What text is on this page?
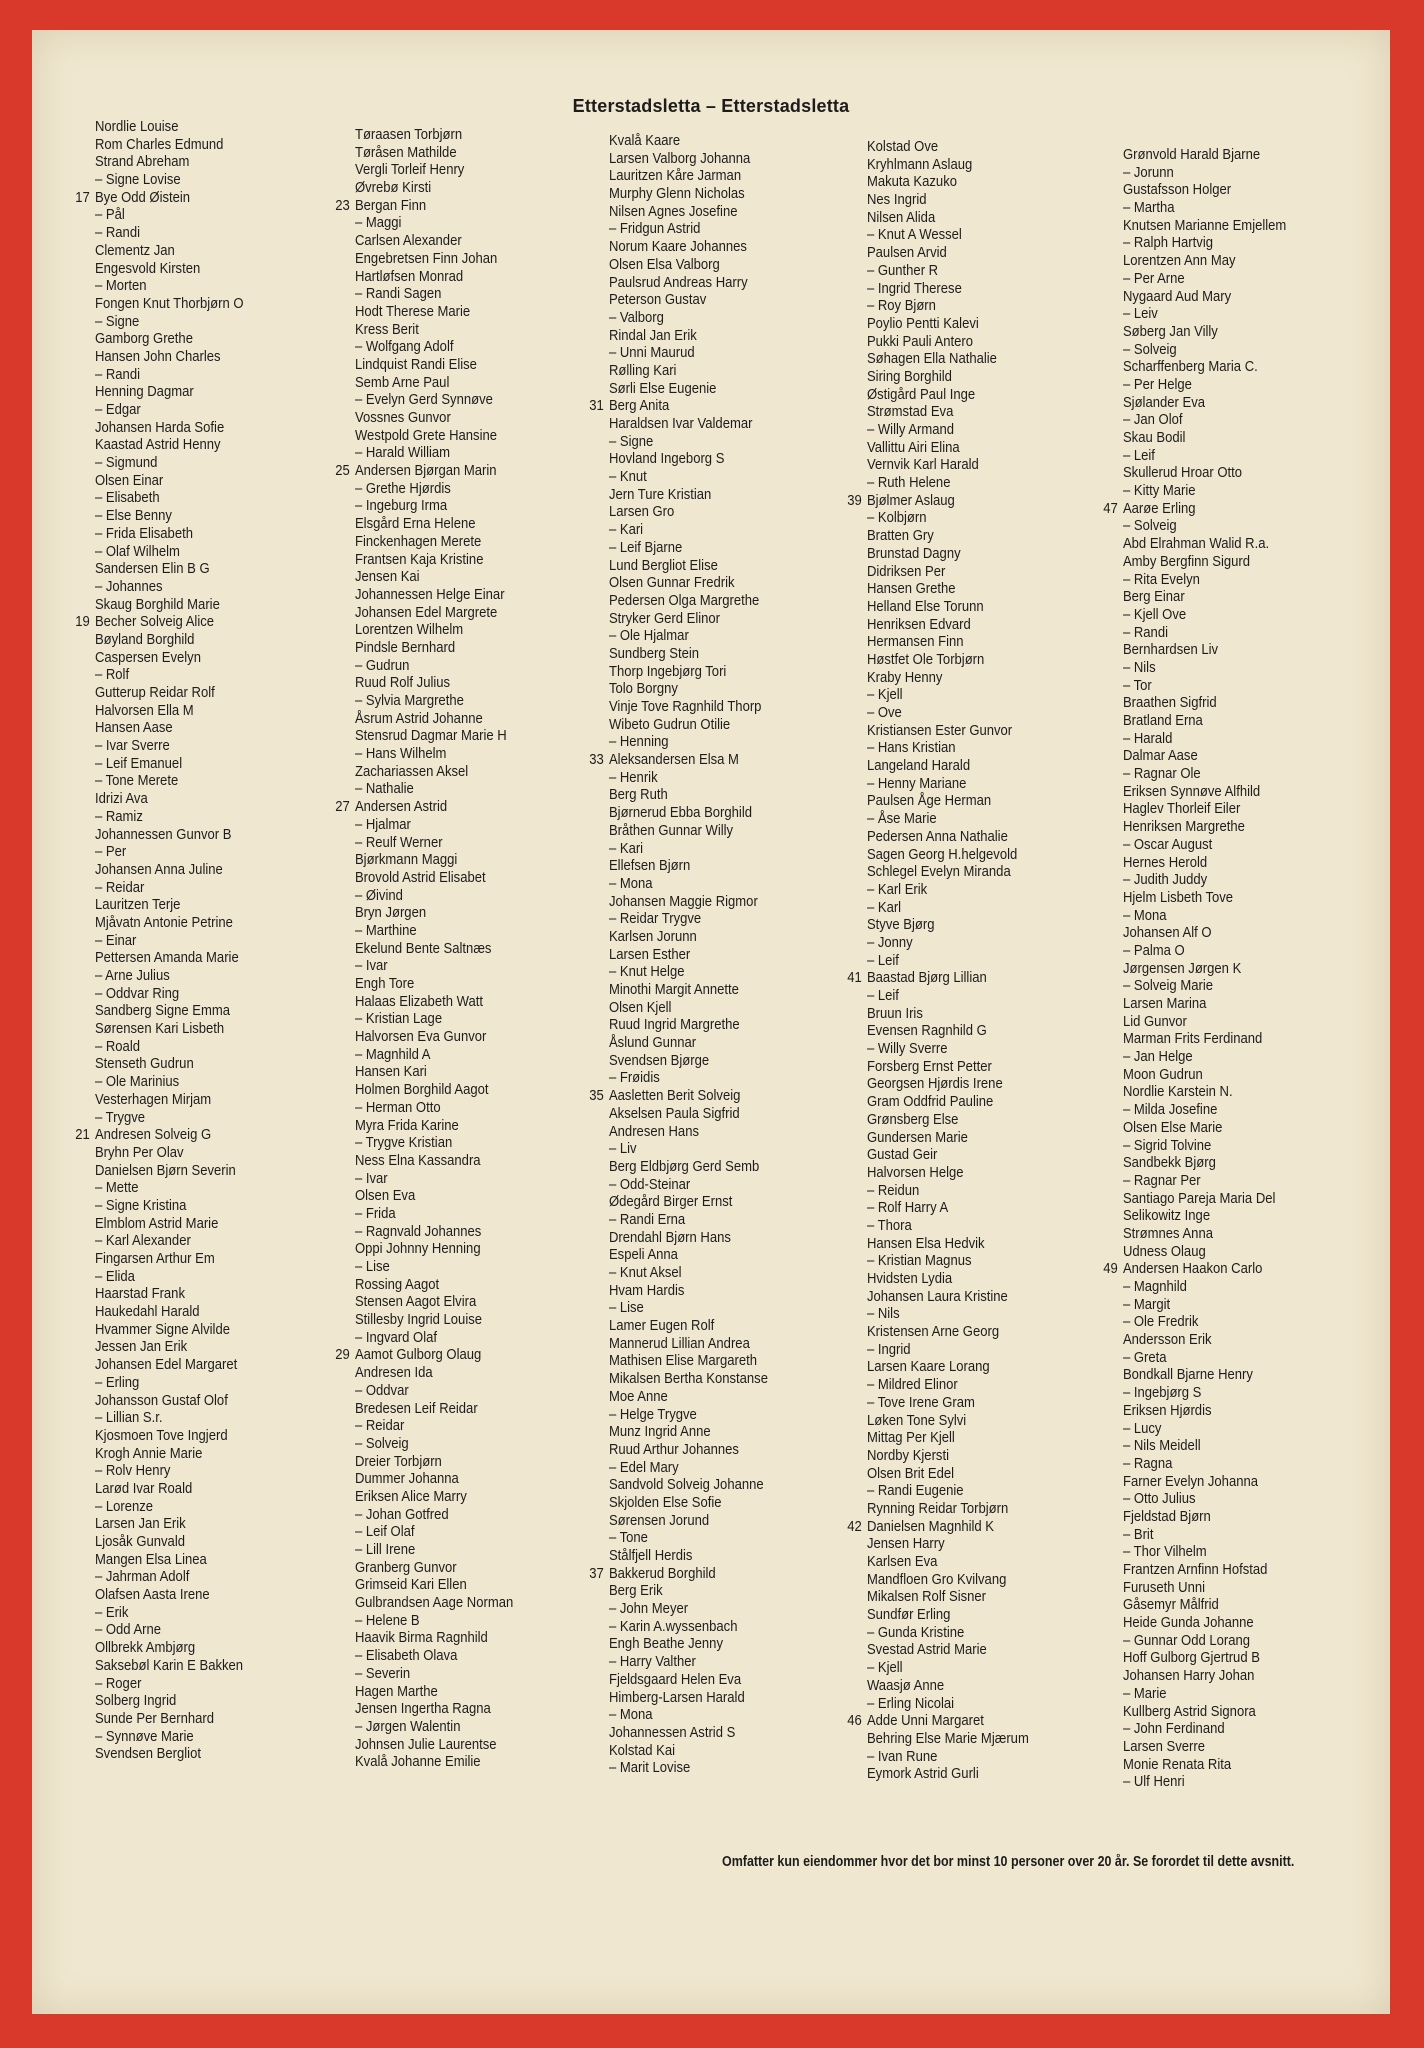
Etterstadsletta – Etterstadsletta
Nordlie Louise
Rom Charles Edmund
Strand Abreham
– Signe Lovise
17 Bye Odd Øistein
– Pål
– Randi
Clementz Jan
Engesvold Kirsten
– Morten
Fongen Knut Thorbjørn O
– Signe
Gamborg Grethe
Hansen John Charles
– Randi
Henning Dagmar
– Edgar
Johansen Harda Sofie
Kaastad Astrid Henny
– Sigmund
Olsen Einar
– Elisabeth
– Else Benny
– Frida Elisabeth
– Olaf Wilhelm
Sandersen Elin B G
– Johannes
Skaug Borghild Marie
19 Becher Solveig Alice
Bøyland Borghild
Caspersen Evelyn
– Rolf
Gutterup Reidar Rolf
Halvorsen Ella M
Hansen Aase
– Ivar Sverre
– Leif Emanuel
– Tone Merete
Idrizi Ava
– Ramiz
Johannessen Gunvor B
– Per
Johansen Anna Juline
– Reidar
Lauritzen Terje
Mjåvatn Antonie Petrine
– Einar
Pettersen Amanda Marie
– Arne Julius
– Oddvar Ring
Sandberg Signe Emma
Sørensen Kari Lisbeth
– Roald
Stenseth Gudrun
– Ole Marinius
Vesterhagen Mirjam
– Trygve
21 Andresen Solveig G
Bryhn Per Olav
Danielsen Bjørn Severin
– Mette
– Signe Kristina
Elmblom Astrid Marie
– Karl Alexander
Fingarsen Arthur Em
– Elida
Haarstad Frank
Haukedahl Harald
Hvammer Signe Alvilde
Jessen Jan Erik
Johansen Edel Margaret
– Erling
Johansson Gustaf Olof
– Lillian S.r.
Kjosmoen Tove Ingjerd
Krogh Annie Marie
– Rolv Henry
Larød Ivar Roald
– Lorenze
Larsen Jan Erik
Ljosåk Gunvald
Mangen Elsa Linea
– Jahrman Adolf
Olafsen Aasta Irene
– Erik
– Odd Arne
Ollbrekk Ambjørg
Saksebøl Karin E Bakken
– Roger
Solberg Ingrid
Sunde Per Bernhard
– Synnøve Marie
Svendsen Bergliot
Tøraasen Torbjørn
Tøråsen Mathilde
Vergli Torleif Henry
Øvrebø Kirsti
23 Bergan Finn
– Maggi
Carlsen Alexander
Engebretsen Finn Johan
Hartløfsen Monrad
– Randi Sagen
Hodt Therese Marie
Kress Berit
– Wolfgang Adolf
Lindquist Randi Elise
Semb Arne Paul
– Evelyn Gerd Synnøve
Vossnes Gunvor
Westpold Grete Hansine
– Harald William
25 Andersen Bjørgan Marin
– Grethe Hjørdis
– Ingeburg Irma
Elsgård Erna Helene
Finckenhagen Merete
Frantsen Kaja Kristine
Jensen Kai
Johannessen Helge Einar
Johansen Edel Margrete
Lorentzen Wilhelm
Pindsle Bernhard
– Gudrun
Ruud Rolf Julius
– Sylvia Margrethe
Åsrum Astrid Johanne
Stensrud Dagmar Marie H
– Hans Wilhelm
Zachariassen Aksel
– Nathalie
27 Andersen Astrid
– Hjalmar
– Reulf Werner
Bjørkmann Maggi
Brovold Astrid Elisabet
– Øivind
Bryn Jørgen
– Marthine
Ekelund Bente Saltnæs
– Ivar
Engh Tore
Halaas Elizabeth Watt
– Kristian Lage
Halvorsen Eva Gunvor
– Magnhild A
Hansen Kari
Holmen Borghild Aagot
– Herman Otto
Myra Frida Karine
– Trygve Kristian
Ness Elna Kassandra
– Ivar
Olsen Eva
– Frida
– Ragnvald Johannes
Oppi Johnny Henning
– Lise
Rossing Aagot
Stensen Aagot Elvira
Stillesby Ingrid Louise
– Ingvard Olaf
29 Aamot Gulborg Olaug
Andresen Ida
– Oddvar
Bredesen Leif Reidar
– Reidar
– Solveig
Dreier Torbjørn
Dummer Johanna
Eriksen Alice Marry
– Johan Gotfred
– Leif Olaf
– Lill Irene
Granberg Gunvor
Grimseid Kari Ellen
Gulbrandsen Aage Norman
– Helene B
Haavik Birma Ragnhild
– Elisabeth Olava
– Severin
Hagen Marthe
Jensen Ingertha Ragna
– Jørgen Walentin
Johnsen Julie Laurentse
Kvalå Johanne Emilie
Kvalå Kaare
Larsen Valborg Johanna
Lauritzen Kåre Jarman
Murphy Glenn Nicholas
Nilsen Agnes Josefine
– Fridgun Astrid
Norum Kaare Johannes
Olsen Elsa Valborg
Paulsrud Andreas Harry
Peterson Gustav
– Valborg
Rindal Jan Erik
– Unni Maurud
Rølling Kari
Sørli Else Eugenie
31 Berg Anita
Haraldsen Ivar Valdemar
– Signe
Hovland Ingeborg S
– Knut
Jern Ture Kristian
Larsen Gro
– Kari
– Leif Bjarne
Lund Bergliot Elise
Olsen Gunnar Fredrik
Pedersen Olga Margrethe
Stryker Gerd Elinor
– Ole Hjalmar
Sundberg Stein
Thorp Ingebjørg Tori
Tolo Borgny
Vinje Tove Ragnhild Thorp
Wibeto Gudrun Otilie
– Henning
33 Aleksandersen Elsa M
– Henrik
Berg Ruth
Bjørnerud Ebba Borghild
Bråthen Gunnar Willy
– Kari
Ellefsen Bjørn
– Mona
Johansen Maggie Rigmor
– Reidar Trygve
Karlsen Jorunn
Larsen Esther
– Knut Helge
Minothi Margit Annette
Olsen Kjell
Ruud Ingrid Margrethe
Åslund Gunnar
Svendsen Bjørge
– Frøidis
35 Aasletten Berit Solveig
Akselsen Paula Sigfrid
Andresen Hans
– Liv
Berg Eldbjørg Gerd Semb
– Odd-Steinar
Ødegård Birger Ernst
– Randi Erna
Drendahl Bjørn Hans
Espeli Anna
– Knut Aksel
Hvam Hardis
– Lise
Lamer Eugen Rolf
Mannerud Lillian Andrea
Mathisen Elise Margareth
Mikalsen Bertha Konstanse
Moe Anne
– Helge Trygve
Munz Ingrid Anne
Ruud Arthur Johannes
– Edel Mary
Sandvold Solveig Johanne
Skjolden Else Sofie
Sørensen Jorund
– Tone
Stålfjell Herdis
37 Bakkerud Borghild
Berg Erik
– John Meyer
– Karin A.wyssenbach
Engh Beathe Jenny
– Harry Valther
Fjeldsgaard Helen Eva
Himberg-Larsen Harald
– Mona
Johannessen Astrid S
Kolstad Kai
– Marit Lovise
Kolstad Ove
Kryhlmann Aslaug
Makuta Kazuko
Nes Ingrid
Nilsen Alida
– Knut A Wessel
Paulsen Arvid
– Gunther R
– Ingrid Therese
– Roy Bjørn
Poylio Pentti Kalevi
Pukki Pauli Antero
Søhagen Ella Nathalie
Siring Borghild
Østigård Paul Inge
Strømstad Eva
– Willy Armand
Vallittu Airi Elina
Vernvik Karl Harald
– Ruth Helene
39 Bjølmer Aslaug
– Kolbjørn
Bratten Gry
Brunstad Dagny
Didriksen Per
Hansen Grethe
Helland Else Torunn
Henriksen Edvard
Hermansen Finn
Høstfet Ole Torbjørn
Kraby Henny
– Kjell
– Ove
Kristiansen Ester Gunvor
– Hans Kristian
Langeland Harald
– Henny Mariane
Paulsen Åge Herman
– Åse Marie
Pedersen Anna Nathalie
Sagen Georg H.helgevold
Schlegel Evelyn Miranda
– Karl Erik
– Karl
Styve Bjørg
– Jonny
– Leif
41 Baastad Bjørg Lillian
– Leif
Bruun Iris
Evensen Ragnhild G
– Willy Sverre
Forsberg Ernst Petter
Georgsen Hjørdis Irene
Gram Oddfrid Pauline
Grønsberg Else
Gundersen Marie
Gustad Geir
Halvorsen Helge
– Reidun
– Rolf Harry A
– Thora
Hansen Elsa Hedvik
– Kristian Magnus
Hvidsten Lydia
Johansen Laura Kristine
– Nils
Kristensen Arne Georg
– Ingrid
Larsen Kaare Lorang
– Mildred Elinor
– Tove Irene Gram
Løken Tone Sylvi
Mittag Per Kjell
Nordby Kjersti
Olsen Brit Edel
– Randi Eugenie
Rynning Reidar Torbjørn
42 Danielsen Magnhild K
Jensen Harry
Karlsen Eva
Mandfloen Gro Kvilvang
Mikalsen Rolf Sisner
Sundfør Erling
– Gunda Kristine
Svestad Astrid Marie
– Kjell
Waasjø Anne
– Erling Nicolai
46 Adde Unni Margaret
Behring Else Marie Mjærum
– Ivan Rune
Eymork Astrid Gurli
Grønvold Harald Bjarne
– Jorunn
Gustafsson Holger
– Martha
Knutsen Marianne Emjellem
– Ralph Hartvig
Lorentzen Ann May
– Per Arne
Nygaard Aud Mary
– Leiv
Søberg Jan Villy
– Solveig
Scharffenberg Maria C.
– Per Helge
Sjølander Eva
– Jan Olof
Skau Bodil
– Leif
Skullerud Hroar Otto
– Kitty Marie
47 Aarøe Erling
– Solveig
Abd Elrahman Walid R.a.
Amby Bergfinn Sigurd
– Rita Evelyn
Berg Einar
– Kjell Ove
– Randi
Bernhardsen Liv
– Nils
– Tor
Braathen Sigfrid
Bratland Erna
– Harald
Dalmar Aase
– Ragnar Ole
Eriksen Synnøve Alfhild
Haglev Thorleif Eiler
Henriksen Margrethe
– Oscar August
Hernes Herold
– Judith Juddy
Hjelm Lisbeth Tove
– Mona
Johansen Alf O
– Palma O
Jørgensen Jørgen K
– Solveig Marie
Larsen Marina
Lid Gunvor
Marman Frits Ferdinand
– Jan Helge
Moon Gudrun
Nordlie Karstein N.
– Milda Josefine
Olsen Else Marie
– Sigrid Tolvine
Sandbekk Bjørg
– Ragnar Per
Santiago Pareja Maria Del
Selikowitz Inge
Strømnes Anna
Udness Olaug
49 Andersen Haakon Carlo
– Magnhild
– Margit
– Ole Fredrik
Andersson Erik
– Greta
Bondkall Bjarne Henry
– Ingebjørg S
Eriksen Hjørdis
– Lucy
– Nils Meidell
– Ragna
Farner Evelyn Johanna
– Otto Julius
Fjeldstad Bjørn
– Brit
– Thor Vilhelm
Frantzen Arnfinn Hofstad
Furuseth Unni
Gåsemyr Målfrid
Heide Gunda Johanne
– Gunnar Odd Lorang
Hoff Gulborg Gjertrud B
Johansen Harry Johan
– Marie
Kullberg Astrid Signora
– John Ferdinand
Larsen Sverre
Monie Renata Rita
– Ulf Henri
Omfatter kun eiendommer hvor det bor minst 10 personer over 20 år. Se forordet til dette avsnitt.
